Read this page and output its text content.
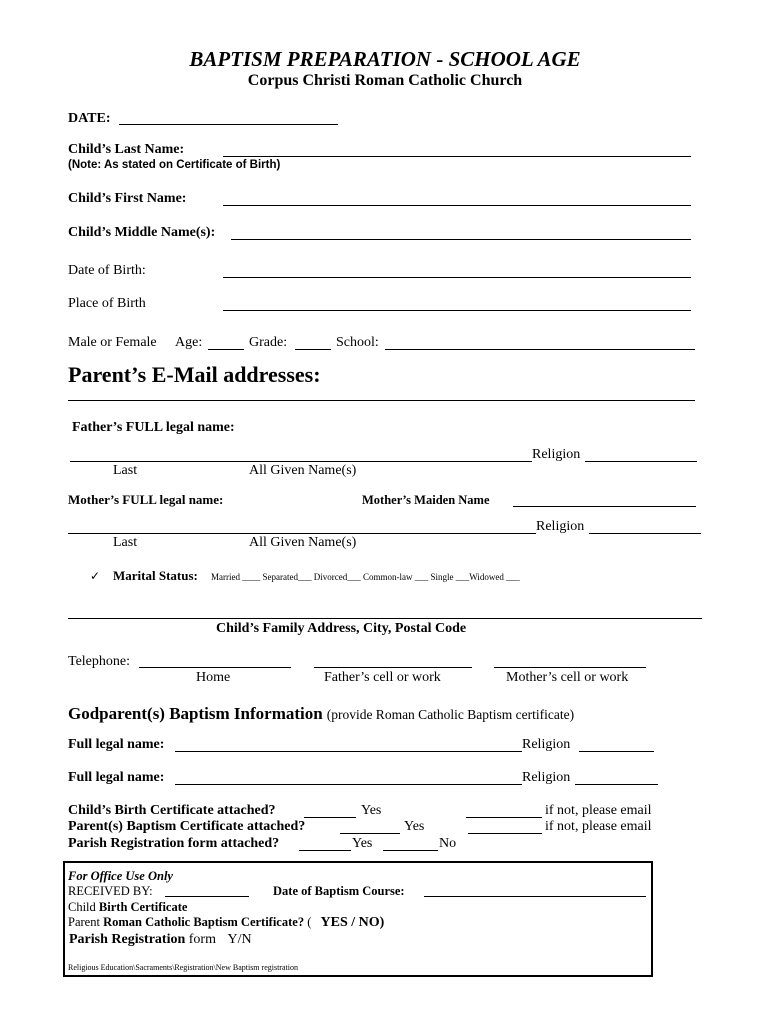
BAPTISM PREPARATION - SCHOOL AGE
Corpus Christi Roman Catholic Church
DATE:
Child’s Last Name:
(Note: As stated on Certificate of Birth)
Child’s First Name:
Child’s Middle Name(s):
Date of Birth:
Place of Birth
Male or Female Age:	Grade:	School:
Parent’s E-Mail addresses:
Father’s FULL legal name:
Religion
Last	All Given Name(s)
Mother’s FULL legal name:	Mother’s Maiden Name
Religion
Last	All Given Name(s)
✓ Marital Status: Married ____ Separated___ Divorced___ Common-law ___ Single ___Widowed ___
Child’s Family Address, City, Postal Code
Telephone:
Home	Father’s cell or work	Mother’s cell or work
Godparent(s) Baptism Information (provide Roman Catholic Baptism certificate)
Full legal name:	Religion
Full legal name:	Religion
Child’s Birth Certificate attached?	Yes	if not, please email
Parent(s) Baptism Certificate attached?	Yes	if not, please email
Parish Registration form attached?	Yes	No
For Office Use Only
RECEIVED BY:	Date of Baptism Course:
Child Birth Certificate
Parent Roman Catholic Baptism Certificate? ( YES / NO)
Parish Registration form Y/N
Religious Education\Sacraments\Registration\New Baptism registration
